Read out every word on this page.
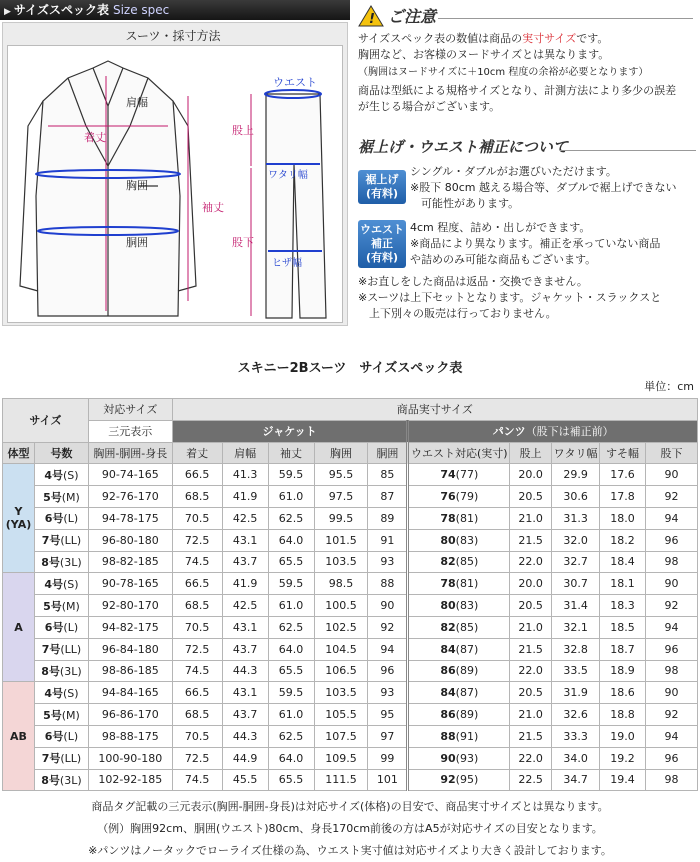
▶ サイズスペック表 Size spec
スーツ・採寸方法
着丈
肩幅
胸囲
胴囲
袖丈
ウエスト
ワタリ幅
ヒザ幅
股上
股下
! ご注意

サイズスペック表の数値は商品の実寸サイズです。

胸囲など、お客様のヌードサイズとは異なります。

（胸囲はヌードサイズに＋10cm 程度の余裕が必要となります）

商品は型紙による規格サイズとなり、計測方法により多少の誤差

が生じる場合がございます。

裾上げ・ウエスト補正について
裾上げ
(有料)
シングル・ダブルがお選びいただけます。
※股下 80cm 越える場合等、ダブルで裾上げできない
　可能性があります。
ウエスト
補正
(有料)
4cm 程度、詰め・出しができます。
※商品により異なります。補正を承っていない商品
や詰めのみ可能な商品もございます。
※お直しをした商品は返品・交換できません。
※スーツは上下セットとなります。ジャケット・スラックスと
　上下別々の販売は行っておりません。
スキニー2Bスーツ　サイズスペック表
単位：cm
サイズ		対応サイズ	商品実寸サイズ									
		三元表示	ジャケット					パンツ（股下は補正前）				
体型	号数	胸囲-胴囲-身長	着丈	肩幅	袖丈	胸囲	胴囲	ウエスト対応(実寸)	股上	ワタリ幅	すそ幅	股下
Y
(YA)	4号(S)	90-74-165	66.5	41.3	59.5	95.5	85	74(77)	20.0	29.9	17.6	90
	5号(M)	92-76-170	68.5	41.9	61.0	97.5	87	76(79)	20.5	30.6	17.8	92
	6号(L)	94-78-175	70.5	42.5	62.5	99.5	89	78(81)	21.0	31.3	18.0	94
	7号(LL)	96-80-180	72.5	43.1	64.0	101.5	91	80(83)	21.5	32.0	18.2	96
	8号(3L)	98-82-185	74.5	43.7	65.5	103.5	93	82(85)	22.0	32.7	18.4	98
A	4号(S)	90-78-165	66.5	41.9	59.5	98.5	88	78(81)	20.0	30.7	18.1	90
	5号(M)	92-80-170	68.5	42.5	61.0	100.5	90	80(83)	20.5	31.4	18.3	92
	6号(L)	94-82-175	70.5	43.1	62.5	102.5	92	82(85)	21.0	32.1	18.5	94
	7号(LL)	96-84-180	72.5	43.7	64.0	104.5	94	84(87)	21.5	32.8	18.7	96
	8号(3L)	98-86-185	74.5	44.3	65.5	106.5	96	86(89)	22.0	33.5	18.9	98
AB	4号(S)	94-84-165	66.5	43.1	59.5	103.5	93	84(87)	20.5	31.9	18.6	90
	5号(M)	96-86-170	68.5	43.7	61.0	105.5	95	86(89)	21.0	32.6	18.8	92
	6号(L)	98-88-175	70.5	44.3	62.5	107.5	97	88(91)	21.5	33.3	19.0	94
	7号(LL)	100-90-180	72.5	44.9	64.0	109.5	99	90(93)	22.0	34.0	19.2	96
	8号(3L)	102-92-185	74.5	45.5	65.5	111.5	101	92(95)	22.5	34.7	19.4	98
商品タグ記載の三元表示(胸囲-胴囲-身長)は対応サイズ(体格)の目安で、商品実寸サイズとは異なります。
（例）胸囲92cm、胴囲(ウエスト)80cm、身長170cm前後の方はA5が対応サイズの目安となります。
※パンツはノータックでローライズ仕様の為、ウエスト実寸値は対応サイズより大きく設計しております。
